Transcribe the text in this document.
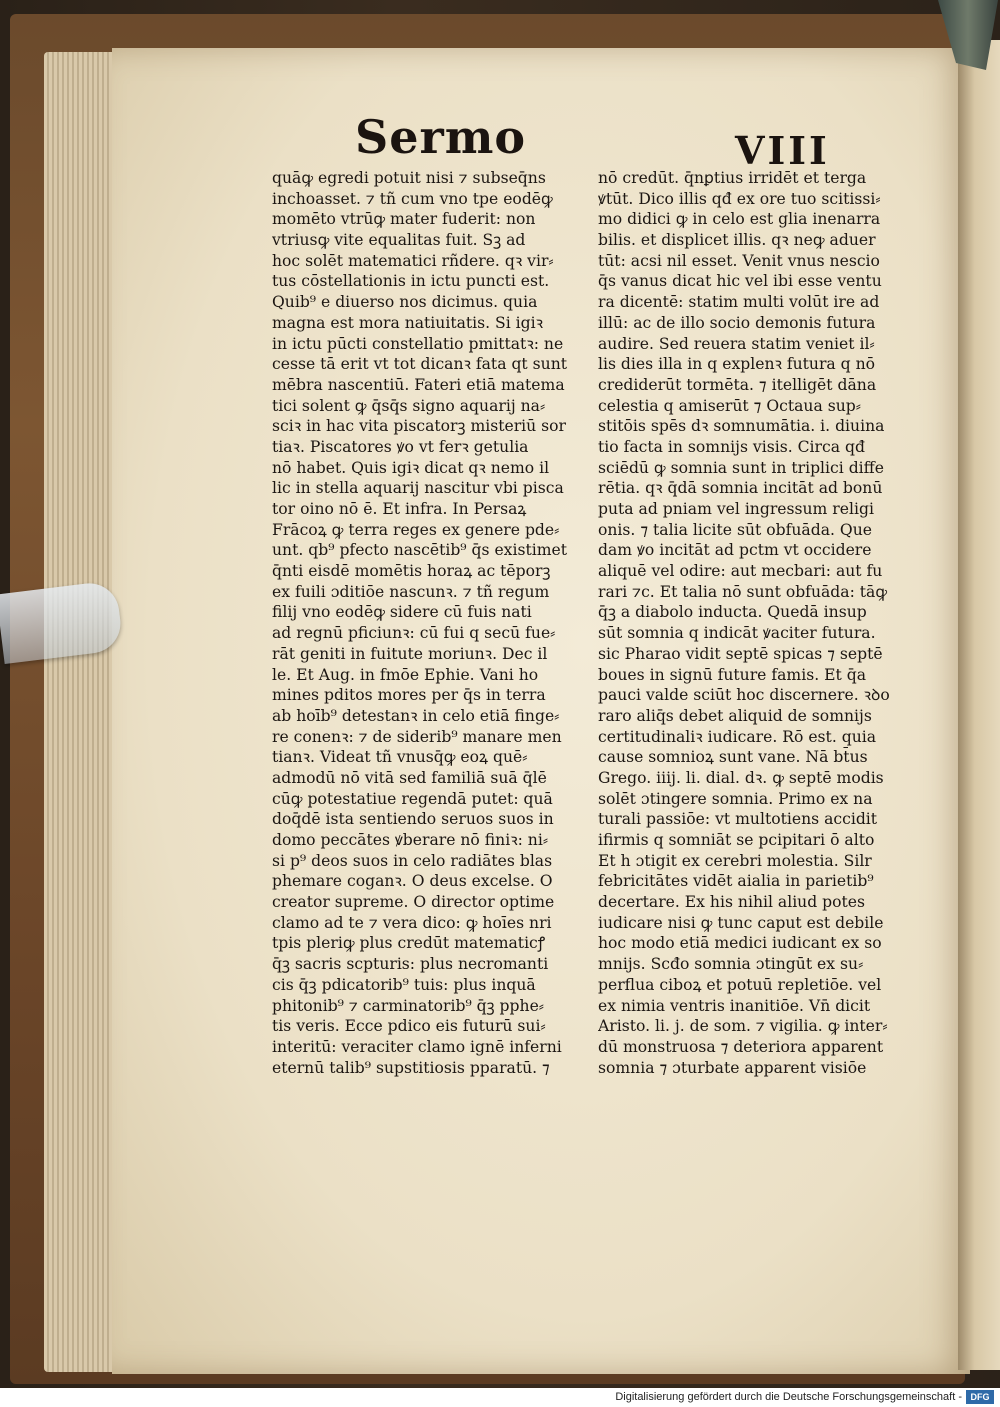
Sermo	VIII
quāꝙ egredi potuit nisi ⁊ subseq̄ns
inchoasset. ⁊ tñ cum vno tpe eodēꝙ
momēto vtrūꝙ mater fuderit: non
vtriusꝙ vite equalitas fuit. Sꝫ ad
hoc solēt matematici rñdere. qꝛ vir⸗
tus cōstellationis in ictu puncti est.
Quib⁹ e diuerso nos dicimus. quia
magna est mora natiuitatis. Si igiꝛ
in ictu pūcti constellatio pmittatꝛ: ne
cesse tā erit vt tot dicanꝛ fata qt sunt
mēbra nascentiū. Fateri etiā matema
tici solent ꝙ q̄sq̄s signo aquarij na⸗
sciꝛ in hac vita piscatorꝫ misteriū sor
tiaꝛ. Piscatores ꝟo vt ferꝛ getulia
nō habet. Quis igiꝛ dicat qꝛ nemo il
lic in stella aquarij nascitur vbi pisca
tor oino nō ē. Et infra. In Persaꝝ
Frācoꝝ ꝙ terra reges ex genere pde⸗
unt. qb⁹ pfecto nascētib⁹ q̄s existimet
q̄nti eisdē momētis horaꝝ ac tēporꝫ
ex fuili ɔditiōe nascunꝛ. ⁊ tñ regum
filij vno eodēꝙ sidere cū fuis nati
ad regnū pficiunꝛ: cū fui q secū fue⸗
rāt geniti in fuitute moriunꝛ. Dec il
le. Et Aug. in fmōe Ephie. Vani ho
mines pditos mores per q̄s in terra
ab hoīb⁹ detestanꝛ in celo etiā finge⸗
re conenꝛ: ⁊ de siderib⁹ manare men
tianꝛ. Videat tñ vnusq̄ꝙ eoꝝ quē⸗
admodū nō vitā sed familiā suā q̄lē
cūꝙ potestatiue regendā putet: quā
doq̄dē ista sentiendo seruos suos in
domo peccātes ꝟberare nō finiꝛ: ni⸗
si p⁹ deos suos in celo radiātes blas
phemare coganꝛ. O deus excelse. O
creator supreme. O director optime
clamo ad te ⁊ vera dico: ꝙ hoīes nri
tpis pleriꝙ plus credūt matematicꝭ
q̄ꝫ sacris scpturis: plus necromanti
cis q̄ꝫ pdicatorib⁹ tuis: plus inquā
phitonib⁹ ⁊ carminatorib⁹ q̄ꝫ pphe⸗
tis veris. Ecce pdico eis futurū sui⸗
interitū: veraciter clamo ignē inferni
eternū talib⁹ supstitiosis pparatū. ⁊
nō credūt. q̄nꝑtius irridēt et terga
ꝟtūt. Dico illis qđ ex ore tuo scitissi⸗
mo didici ꝙ in celo est glia inenarra
bilis. et displicet illis. qꝛ neꝙ aduer
tūt: acsi nil esset. Venit vnus nescio
q̄s vanus dicat hic vel ibi esse ventu
ra dicentē: statim multi volūt ire ad
illū: ac de illo socio demonis futura
audire. Sed reuera statim veniet il⸗
lis dies illa in q explenꝛ futura q nō
crediderūt tormēta. ⁊ itelligēt dāna
celestia q amiserūt ⁊ Octaua sup⸗
stitōis spēs dꝛ somnumātia. i. diuina
tio facta in somnijs visis. Circa qđ
sciēdū ꝙ somnia sunt in triplici diffe
rētia. qꝛ q̄dā somnia incitāt ad bonū
puta ad pniam vel ingressum religi
onis. ⁊ talia licite sūt obfuāda. Que
dam ꝟo incitāt ad pctm vt occidere
aliquē vel odire: aut mecbari: aut fu
rari ⁊c. Et talia nō sunt obfuāda: tāꝙ
q̄ꝫ a diabolo inducta. Quedā insup
sūt somnia q indicāt ꝟaciter futura.
sic Pharao vidit septē spicas ⁊ septē
boues in signū future famis. Et q̄a
pauci valde sciūt hoc discernere. ꝛꝺo
raro aliq̄s debet aliquid de somnijs
certitudinaliꝛ iudicare. Rō est. quia
cause somnioꝝ sunt vane. Nā bt̄us
Grego. iiij. li. dial. dꝛ. ꝙ septē modis
solēt ɔtingere somnia. Primo ex na
turali passiōe: vt multotiens accidit
ifirmis q somniāt se pcipitari ō alto
Et h ɔtigit ex cerebri molestia. Silr
febricitātes vidēt aialia in parietib⁹
decertare. Ex his nihil aliud potes
iudicare nisi ꝙ tunc caput est debile
hoc modo etiā medici iudicant ex so
mnijs. Scđo somnia ɔtingūt ex su⸗
perflua ciboꝝ et potuū repletiōe. vel
ex nimia ventris inanitiōe. Vn̄ dicit
Aristo. li. j. de som. ⁊ vigilia. ꝙ inter⸗
dū monstruosa ⁊ deteriora apparent
somnia ⁊ ɔturbate apparent visiōe
Digitalisierung gefördert durch die Deutsche Forschungsgemeinschaft - DFG
